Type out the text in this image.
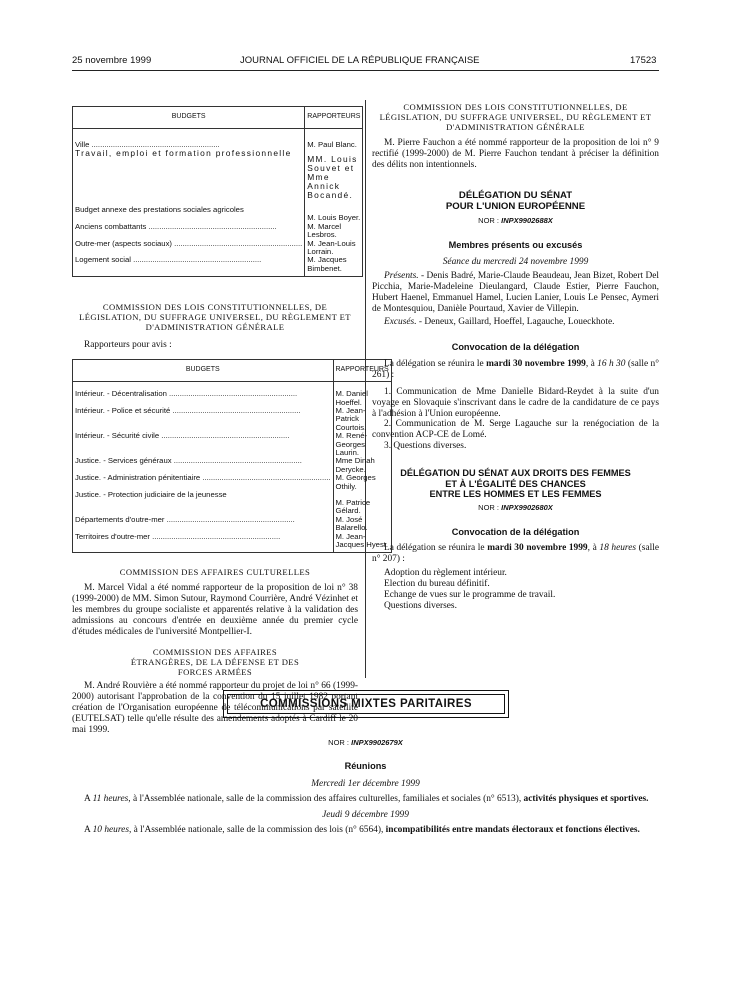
25 novembre 1999	JOURNAL OFFICIEL DE LA RÉPUBLIQUE FRANÇAISE	17523
BUDGETS	RAPPORTEURS

Ville .....	M. Paul Blanc.

Travail, emploi et formation professionnelle	MM. Louis Souvet et Mme Annick Bocandé.

Budget annexe des prestations sociales agricoles	M. Louis Boyer.

Anciens combattants .....	M. Marcel Lesbros.

Outre-mer (aspects sociaux) .....	M. Jean-Louis Lorrain.

Logement social .....	M. Jacques Bimbenet.
COMMISSION DES LOIS CONSTITUTIONNELLES, DE LÉGISLATION, DU SUFFRAGE UNIVERSEL, DU RÈGLEMENT ET D'ADMINISTRATION GÉNÉRALE

Rapporteurs pour avis :

BUDGETS	RAPPORTEURS

Intérieur. - Décentralisation .....	M. Daniel Hoeffel.

Intérieur. - Police et sécurité .....	M. Jean-Patrick Courtois.

Intérieur. - Sécurité civile .....	M. René-Georges Laurin.

Justice. - Services généraux .....	Mme Dinah Derycke.

Justice. - Administration pénitentiaire .....	M. Georges Othily.

Justice. - Protection judiciaire de la jeunesse	M. Patrice Gélard.

Départements d'outre-mer .....	M. José Balarello.

Territoires d'outre-mer .....	M. Jean-Jacques Hyest.
COMMISSION DES AFFAIRES CULTURELLES

M. Marcel Vidal a été nommé rapporteur de la proposition de loi n° 38 (1999-2000) de MM. Simon Sutour, Raymond Courrière, André Vézinhet et les membres du groupe socialiste et apparentés relative à la validation des admissions au concours d'entrée en deuxième année du premier cycle d'études médicales de l'université Montpellier-I.

COMMISSION DES AFFAIRES ÉTRANGÈRES, DE LA DÉFENSE ET DES FORCES ARMÉES

M. André Rouvière a été nommé rapporteur du projet de loi n° 66 (1999-2000) autorisant l'approbation de la convention du 15 juillet 1982 portant création de l'Organisation européenne de télécommunications par satellite (EUTELSAT) telle qu'elle résulte des amendements adoptés à Cardiff le 20 mai 1999.

COMMISSION DES LOIS CONSTITUTIONNELLES, DE LÉGISLATION, DU SUFFRAGE UNIVERSEL, DU RÈGLEMENT ET D'ADMINISTRATION GÉNÉRALE

M. Pierre Fauchon a été nommé rapporteur de la proposition de loi n° 9 rectifié (1999-2000) de M. Pierre Fauchon tendant à préciser la définition des délits non intentionnels.

DÉLÉGATION DU SÉNAT
POUR L'UNION EUROPÉENNE
NOR : INPX9902688X
Membres présents ou excusés
Séance du mercredi 24 novembre 1999

Présents. - Denis Badré, Marie-Claude Beaudeau, Jean Bizet, Robert Del Picchia, Marie-Madeleine Dieulangard, Claude Estier, Pierre Fauchon, Hubert Haenel, Emmanuel Hamel, Lucien Lanier, Louis Le Pensec, Aymeri de Montesquiou, Danièle Pourtaud, Xavier de Villepin.

Excusés. - Deneux, Gaillard, Hoeffel, Lagauche, Loueckhote.

Convocation de la délégation

La délégation se réunira le mardi 30 novembre 1999, à 16 h 30 (salle n° 261) :

1. Communication de Mme Danielle Bidard-Reydet à la suite d'un voyage en Slovaquie s'inscrivant dans le cadre de la candidature de ce pays à l'adhésion à l'Union européenne.

2. Communication de M. Serge Lagauche sur la renégociation de la convention ACP-CE de Lomé.

3. Questions diverses.

DÉLÉGATION DU SÉNAT AUX DROITS DES FEMMES
ET À L'ÉGALITÉ DES CHANCES
ENTRE LES HOMMES ET LES FEMMES
NOR : INPX9902680X
Convocation de la délégation

La délégation se réunira le mardi 30 novembre 1999, à 18 heures (salle n° 207) :

Adoption du règlement intérieur.

Election du bureau définitif.

Echange de vues sur le programme de travail.

Questions diverses.

COMMISSIONS MIXTES PARITAIRES
NOR : INPX9902679X
Réunions
Mercredi 1er décembre 1999

A 11 heures, à l'Assemblée nationale, salle de la commission des affaires culturelles, familiales et sociales (n° 6513), activités physiques et sportives.

Jeudi 9 décembre 1999

A 10 heures, à l'Assemblée nationale, salle de la commission des lois (n° 6564), incompatibilités entre mandats électoraux et fonctions électives.
